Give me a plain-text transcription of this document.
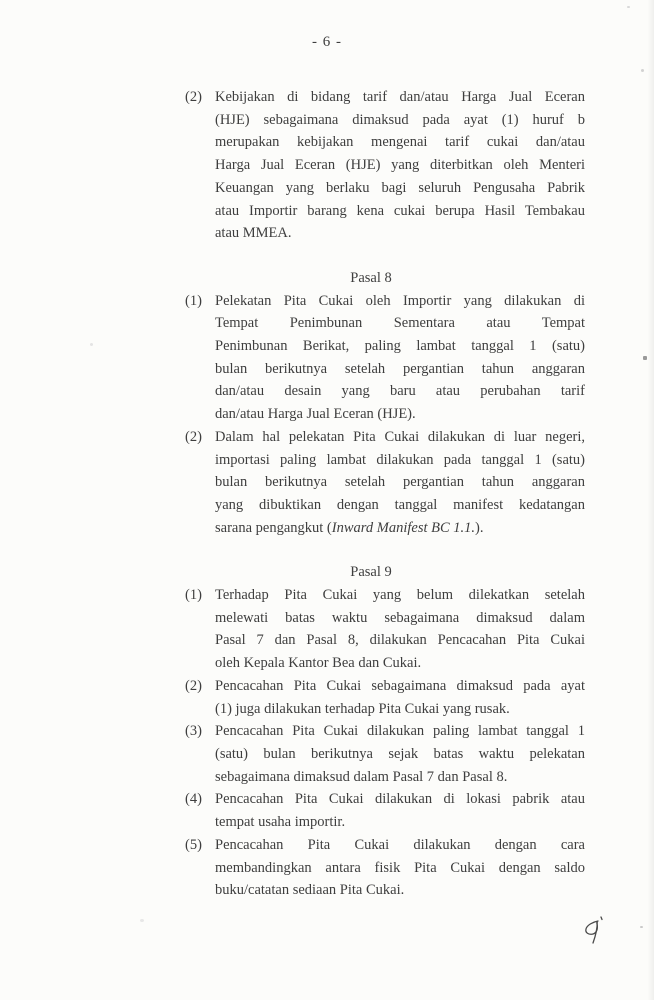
- 6 -
(2) Kebijakan di bidang tarif dan/atau Harga Jual Eceran
(HJE) sebagaimana dimaksud pada ayat (1) huruf b
merupakan kebijakan mengenai tarif cukai dan/atau
Harga Jual Eceran (HJE) yang diterbitkan oleh Menteri
Keuangan yang berlaku bagi seluruh Pengusaha Pabrik
atau Importir barang kena cukai berupa Hasil Tembakau
atau MMEA.
Pasal 8
(1) Pelekatan Pita Cukai oleh Importir yang dilakukan di
Tempat Penimbunan Sementara atau Tempat
Penimbunan Berikat, paling lambat tanggal 1 (satu)
bulan berikutnya setelah pergantian tahun anggaran
dan/atau desain yang baru atau perubahan tarif
dan/atau Harga Jual Eceran (HJE).
(2) Dalam hal pelekatan Pita Cukai dilakukan di luar negeri,
importasi paling lambat dilakukan pada tanggal 1 (satu)
bulan berikutnya setelah pergantian tahun anggaran
yang dibuktikan dengan tanggal manifest kedatangan
sarana pengangkut (Inward Manifest BC 1.1.).
Pasal 9
(1) Terhadap Pita Cukai yang belum dilekatkan setelah
melewati batas waktu sebagaimana dimaksud dalam
Pasal 7 dan Pasal 8, dilakukan Pencacahan Pita Cukai
oleh Kepala Kantor Bea dan Cukai.
(2) Pencacahan Pita Cukai sebagaimana dimaksud pada ayat
(1) juga dilakukan terhadap Pita Cukai yang rusak.
(3) Pencacahan Pita Cukai dilakukan paling lambat tanggal 1
(satu) bulan berikutnya sejak batas waktu pelekatan
sebagaimana dimaksud dalam Pasal 7 dan Pasal 8.
(4) Pencacahan Pita Cukai dilakukan di lokasi pabrik atau
tempat usaha importir.
(5) Pencacahan Pita Cukai dilakukan dengan cara
membandingkan antara fisik Pita Cukai dengan saldo
buku/catatan sediaan Pita Cukai.
